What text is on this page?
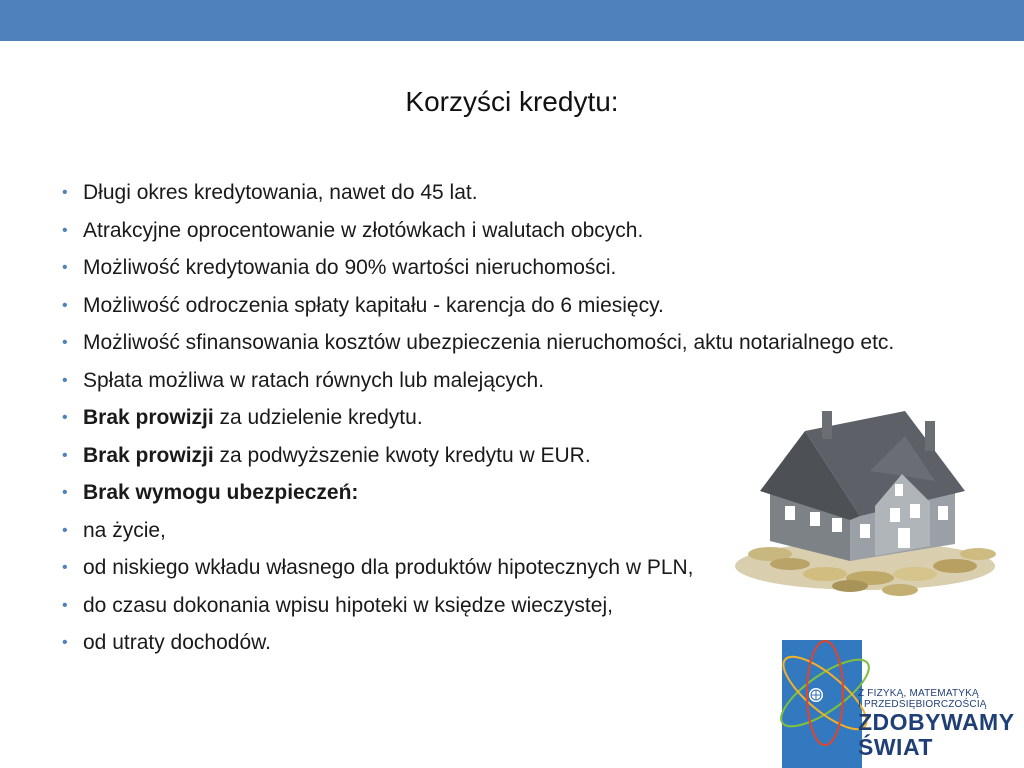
Korzyści kredytu:
• Długi okres kredytowania, nawet do 45 lat.
• Atrakcyjne oprocentowanie w złotówkach i walutach obcych.
• Możliwość kredytowania do 90% wartości nieruchomości.
• Możliwość odroczenia spłaty kapitału - karencja do 6 miesięcy.
• Możliwość sfinansowania kosztów ubezpieczenia nieruchomości, aktu notarialnego etc.
• Spłata możliwa w ratach równych lub malejących.
• Brak prowizji za udzielenie kredytu.
• Brak prowizji za podwyższenie kwoty kredytu w EUR.
• Brak wymogu ubezpieczeń:
• na życie,
• od niskiego wkładu własnego dla produktów hipotecznych w PLN,
• do czasu dokonania wpisu hipoteki w księdze wieczystej,
• od utraty dochodów.
Z FIZYKĄ, MATEMATYKĄ
I PRZEDSIĘBIORCZOŚCIĄ
ZDOBYWAMY
ŚWIAT
